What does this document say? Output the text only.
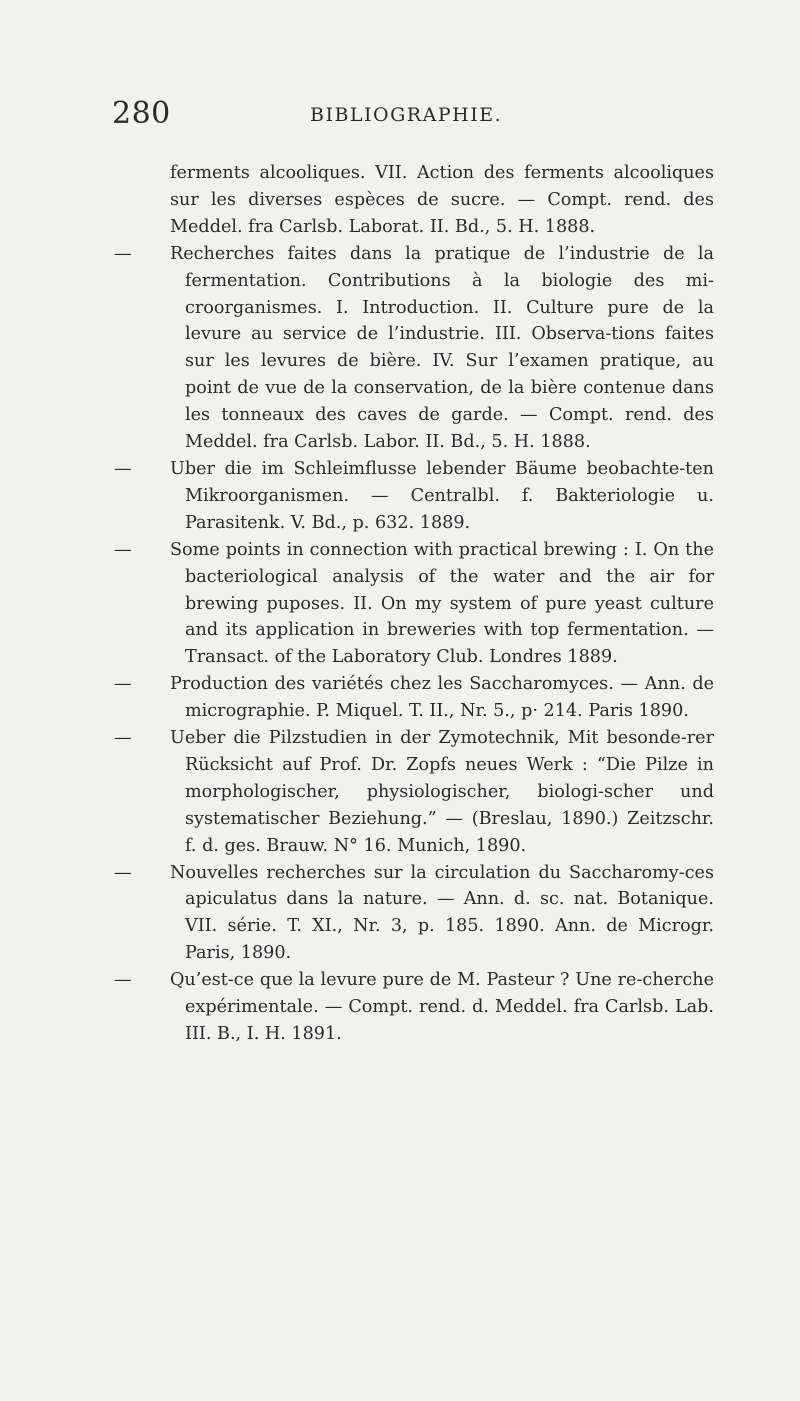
280	BIBLIOGRAPHIE.
ferments alcooliques. VII. Action des ferments alcooliques sur les diverses espèces de sucre. — Compt. rend. des Meddel. fra Carlsb. Laborat. II. Bd., 5. H. 1888.
—	Recherches faites dans la pratique de l’industrie de la fermentation. Contributions à la biologie des mi-croorganismes. I. Introduction. II. Culture pure de la levure au service de l’industrie. III. Observa-tions faites sur les levures de bière. IV. Sur l’examen pratique, au point de vue de la conservation, de la bière contenue dans les tonneaux des caves de garde. — Compt. rend. des Meddel. fra Carlsb. Labor. II. Bd., 5. H. 1888.
—	Uber die im Schleimflusse lebender Bäume beobachte-ten Mikroorganismen. — Centralbl. f. Bakteriologie u. Parasitenk. V. Bd., p. 632. 1889.
—	Some points in connection with practical brewing : I. On the bacteriological analysis of the water and the air for brewing puposes. II. On my system of pure yeast culture and its application in breweries with top fermentation. — Transact. of the Laboratory Club. Londres 1889.
—	Production des variétés chez les Saccharomyces. — Ann. de micrographie. P. Miquel. T. II., Nr. 5., p· 214. Paris 1890.
—	Ueber die Pilzstudien in der Zymotechnik, Mit besonde-rer Rücksicht auf Prof. Dr. Zopfs neues Werk : “Die Pilze in morphologischer, physiologischer, biologi-scher und systematischer Beziehung.” — (Breslau, 1890.) Zeitzschr. f. d. ges. Brauw. N° 16. Munich, 1890.
—	Nouvelles recherches sur la circulation du Saccharomy-ces apiculatus dans la nature. — Ann. d. sc. nat. Botanique. VII. série. T. XI., Nr. 3, p. 185. 1890. Ann. de Microgr. Paris, 1890.
—	Qu’est-ce que la levure pure de M. Pasteur ? Une re-cherche expérimentale. — Compt. rend. d. Meddel. fra Carlsb. Lab. III. B., I. H. 1891.
